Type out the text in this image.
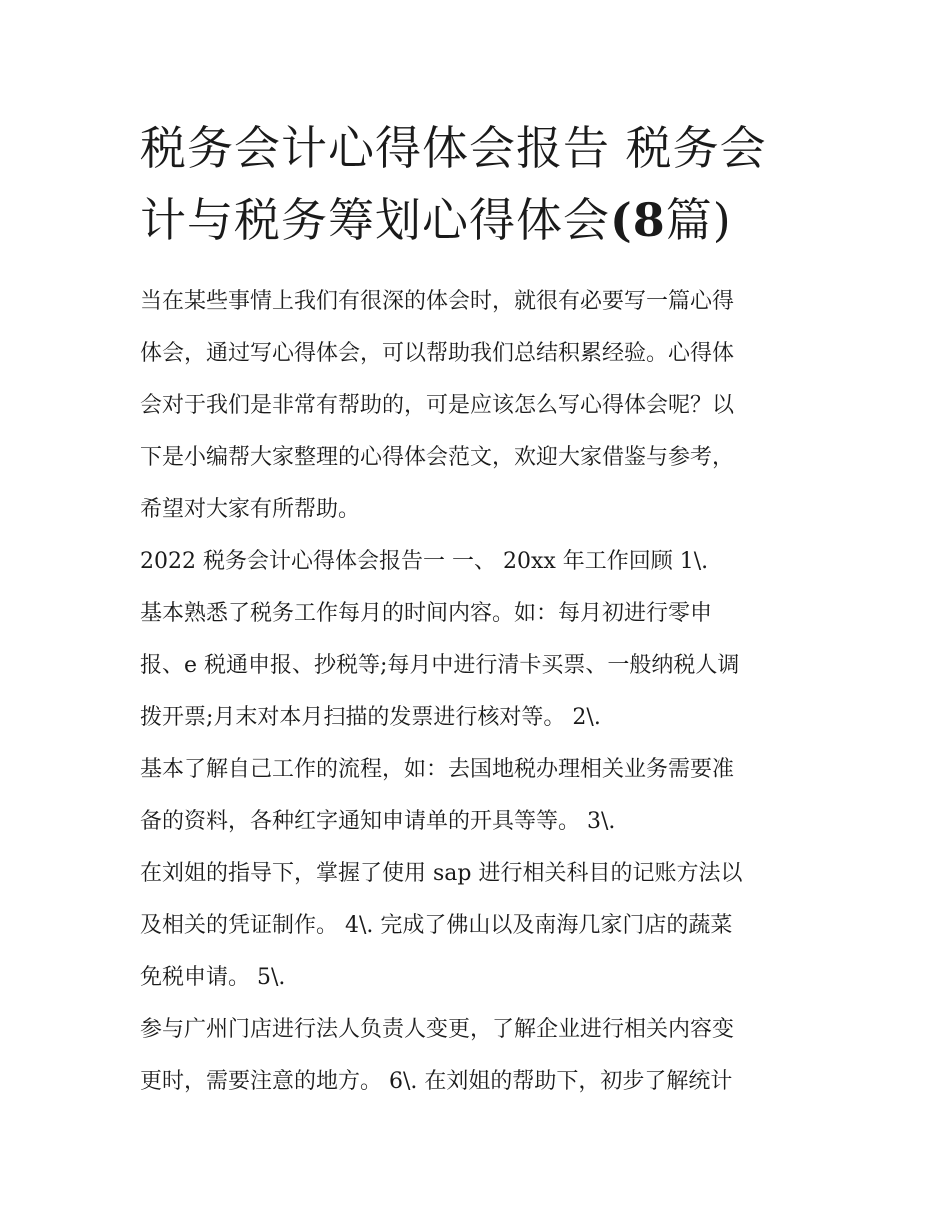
税务会计心得体会报告 税务会
计与税务筹划心得体会(8篇)
当在某些事情上我们有很深的体会时，就很有必要写一篇心得
体会，通过写心得体会，可以帮助我们总结积累经验。心得体
会对于我们是非常有帮助的，可是应该怎么写心得体会呢？以
下是小编帮大家整理的心得体会范文，欢迎大家借鉴与参考，
希望对大家有所帮助。
2022 税务会计心得体会报告一 一、 20xx 年工作回顾 1\.
基本熟悉了税务工作每月的时间内容。如：每月初进行零申
报、e 税通申报、抄税等;每月中进行清卡买票、一般纳税人调
拨开票;月末对本月扫描的发票进行核对等。 2\.
基本了解自己工作的流程，如：去国地税办理相关业务需要准
备的资料，各种红字通知申请单的开具等等。 3\.
在刘姐的指导下，掌握了使用 sap 进行相关科目的记账方法以
及相关的凭证制作。 4\. 完成了佛山以及南海几家门店的蔬菜
免税申请。 5\.
参与广州门店进行法人负责人变更，了解企业进行相关内容变
更时，需要注意的地方。 6\. 在刘姐的帮助下，初步了解统计
